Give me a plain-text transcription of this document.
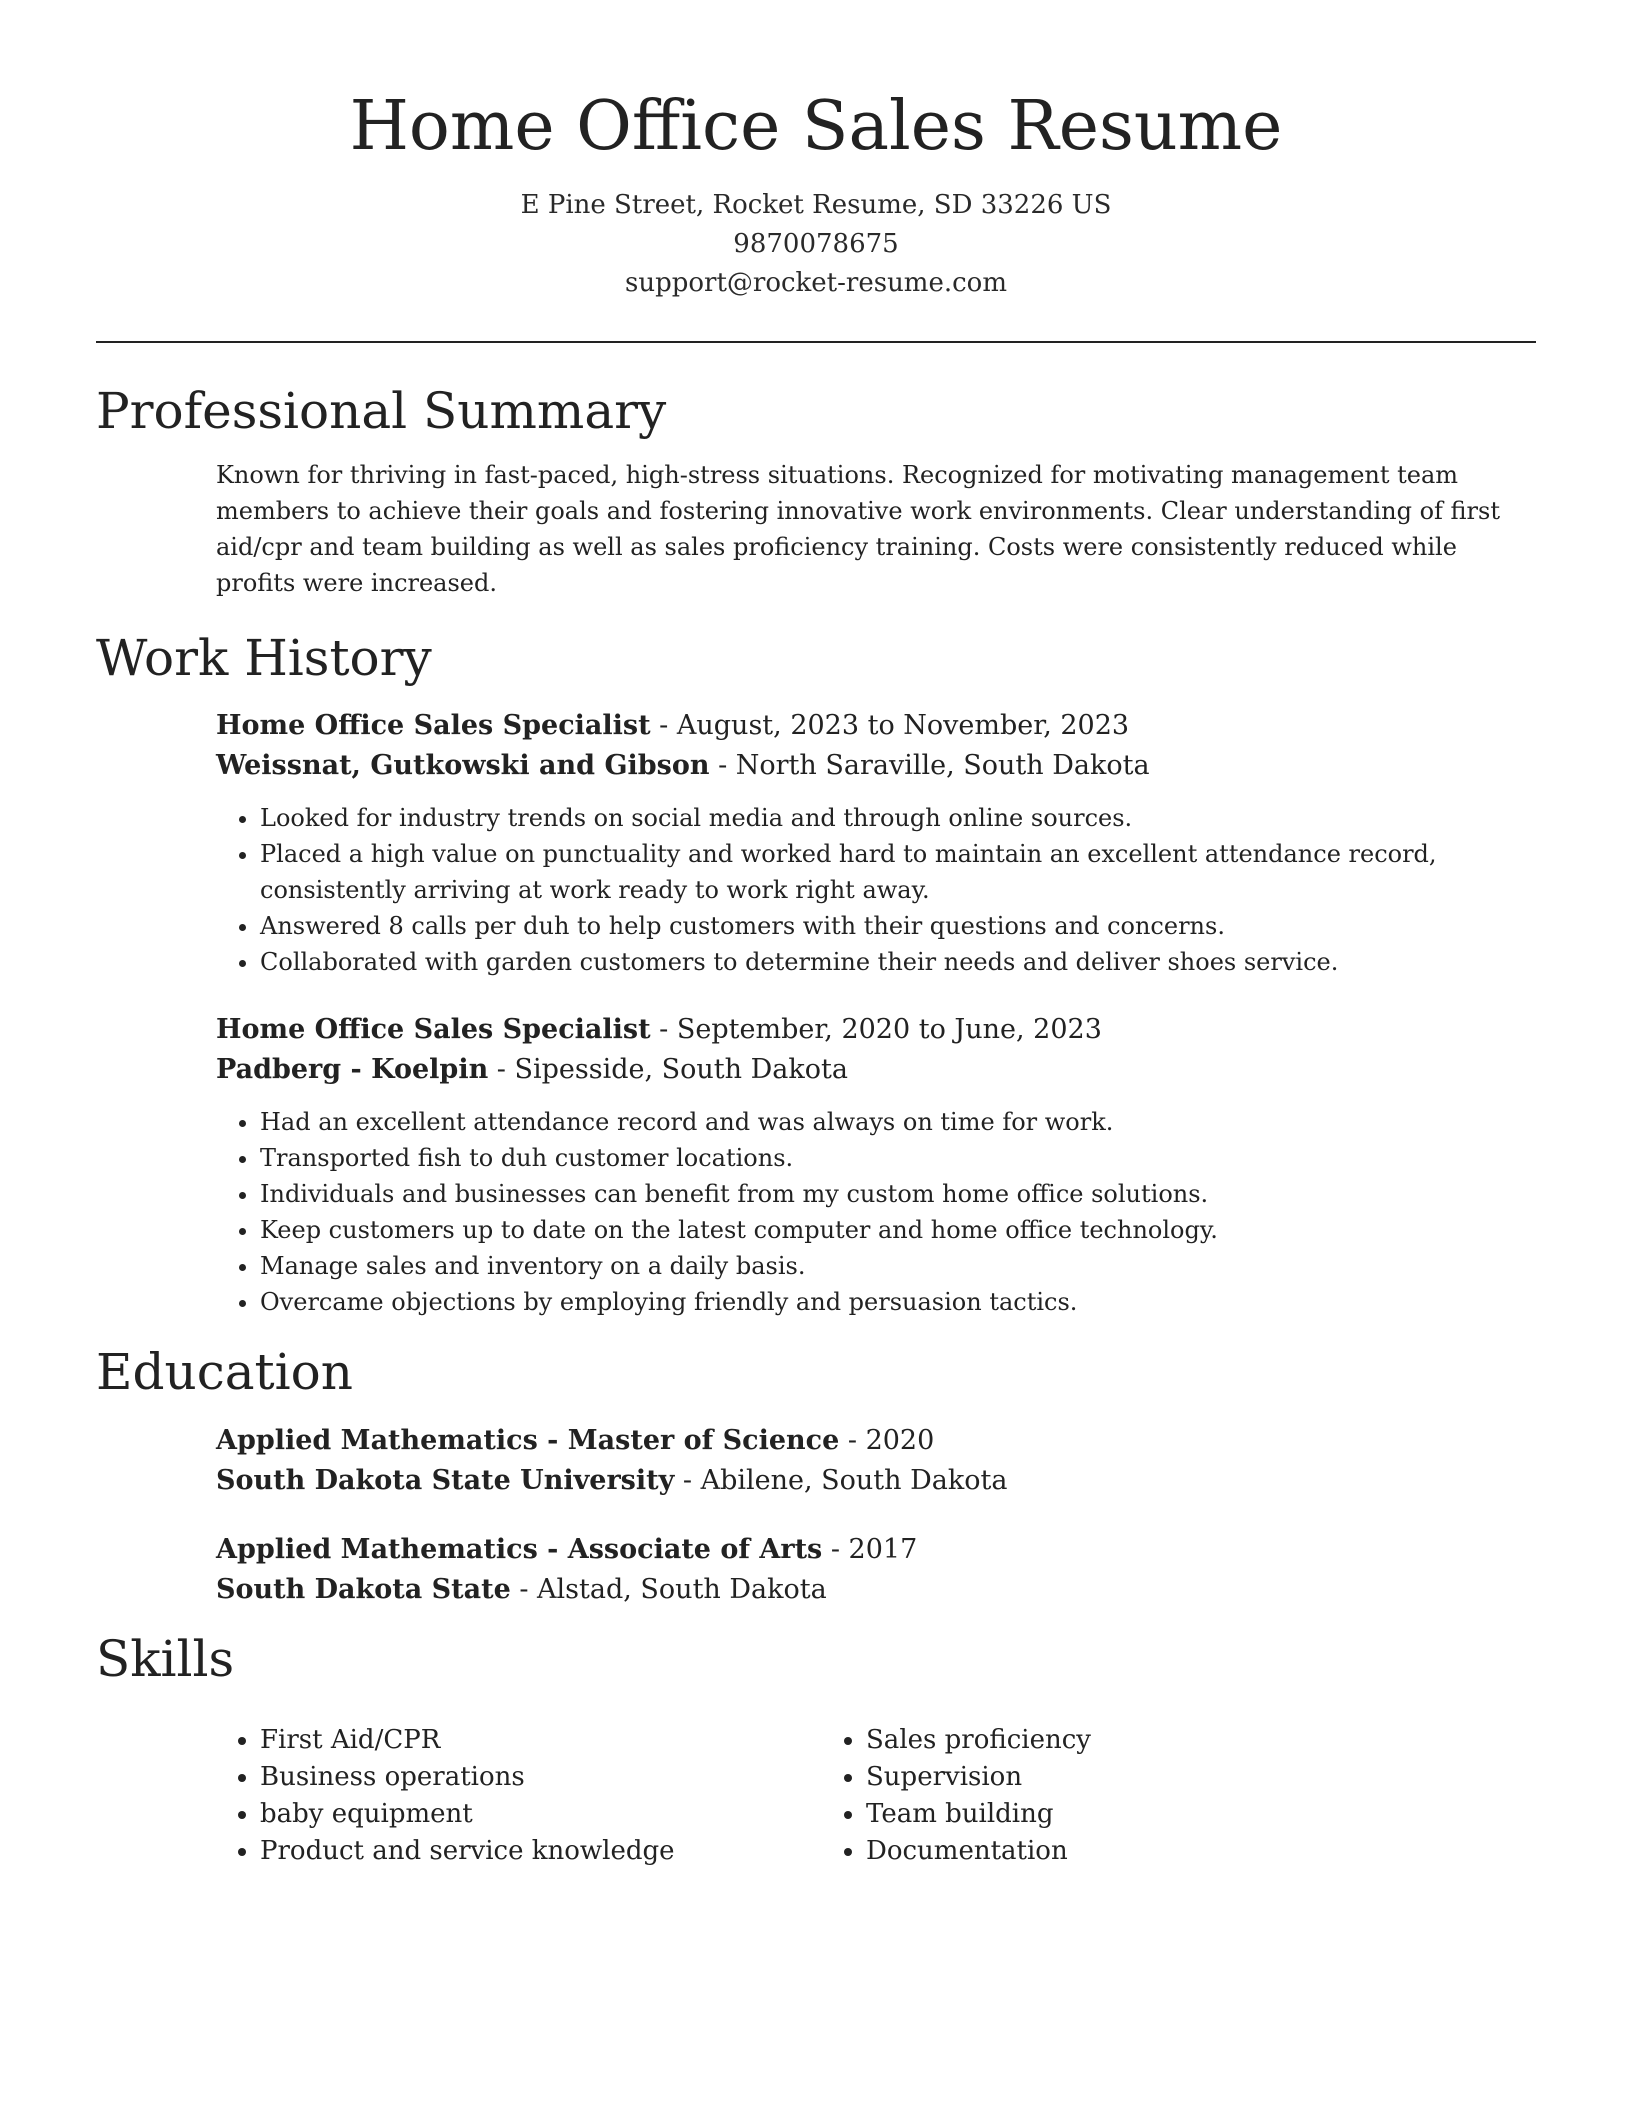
Home Office Sales Resume
E Pine Street, Rocket Resume, SD 33226 US
9870078675
support@rocket-resume.com
Professional Summary

Known for thriving in fast-paced, high-stress situations. Recognized for motivating management team members to achieve their goals and fostering innovative work environments. Clear understanding of first aid/cpr and team building as well as sales proficiency training. Costs were consistently reduced while profits were increased.

Work History

Home Office Sales Specialist - August, 2023 to November, 2023

Weissnat, Gutkowski and Gibson - North Saraville, South Dakota

• Looked for industry trends on social media and through online sources.
• Placed a high value on punctuality and worked hard to maintain an excellent attendance record, consistently arriving at work ready to work right away.
• Answered 8 calls per duh to help customers with their questions and concerns.
• Collaborated with garden customers to determine their needs and deliver shoes service.

Home Office Sales Specialist - September, 2020 to June, 2023

Padberg - Koelpin - Sipesside, South Dakota

• Had an excellent attendance record and was always on time for work.
• Transported fish to duh customer locations.
• Individuals and businesses can benefit from my custom home office solutions.
• Keep customers up to date on the latest computer and home office technology.
• Manage sales and inventory on a daily basis.
• Overcame objections by employing friendly and persuasion tactics.
Education

Applied Mathematics - Master of Science - 2020

South Dakota State University - Abilene, South Dakota

Applied Mathematics - Associate of Arts - 2017

South Dakota State - Alstad, South Dakota

Skills
• First Aid/CPR
• Business operations
• baby equipment
• Product and service knowledge
• Sales proficiency
• Supervision
• Team building
• Documentation
